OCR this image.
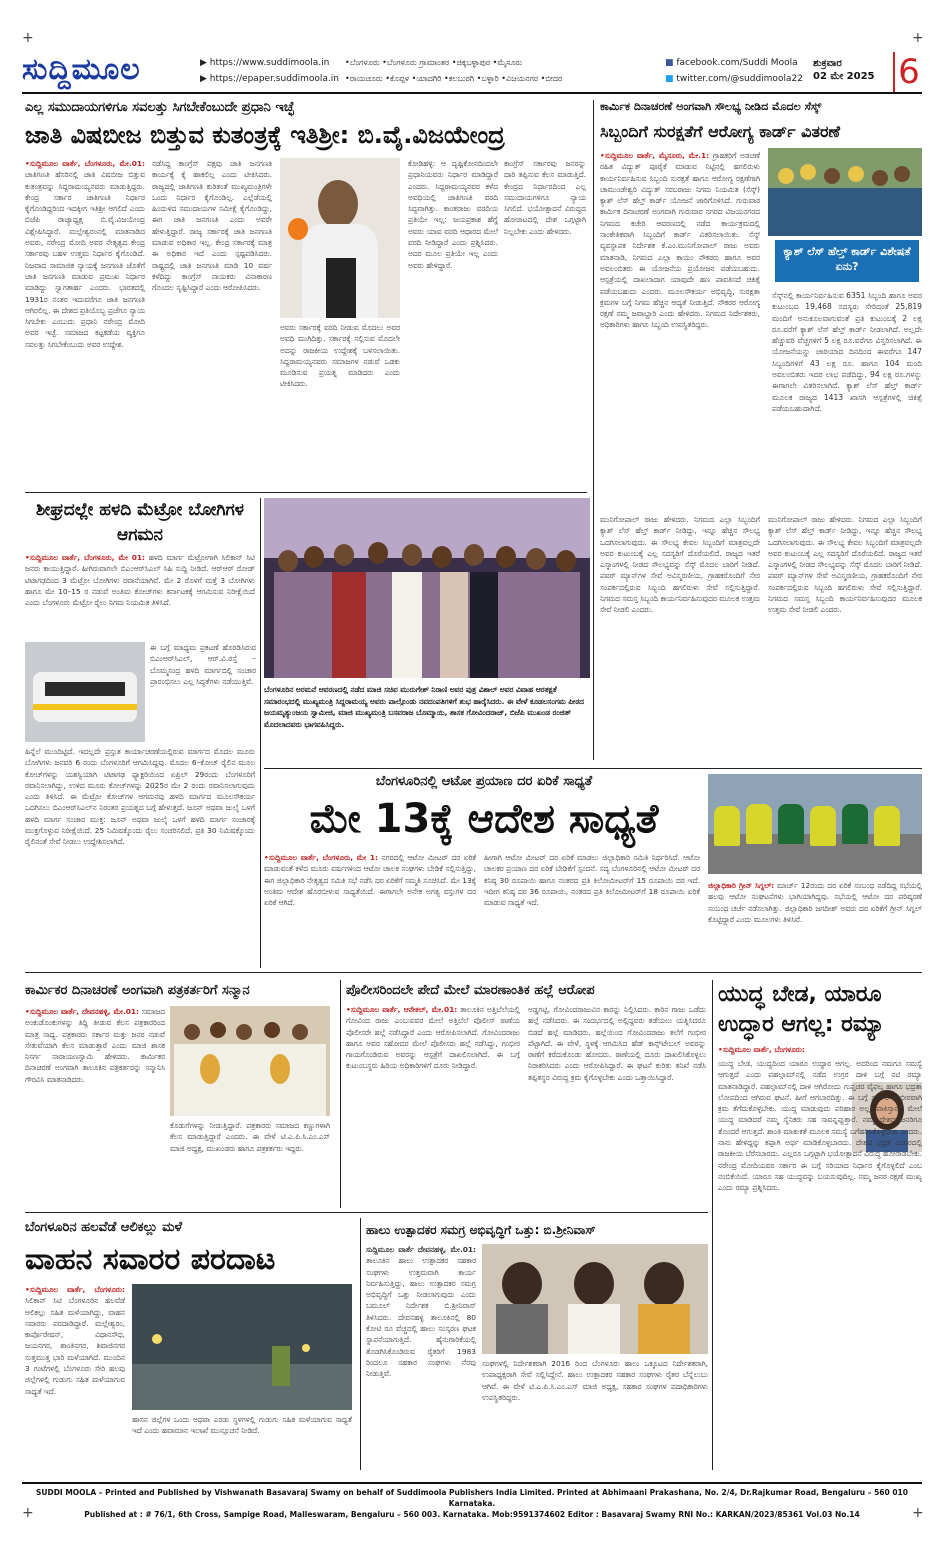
+	+
+	+
ಸುದ್ದಿಮೂಲ	▶ https://www.suddimoola.in
▶ https://epaper.suddimoola.in
•ಬೆಂಗಳೂರು •ಬೆಂಗಳೂರು ಗ್ರಾಮಾಂತರ •ಚಿಕ್ಕಬಳ್ಳಾಪುರ •ಮೈಸೂರು
•ರಾಯಚೂರು •ಕೊಪ್ಪಳ •ಯಾದಗಿರಿ •ಕಲಬುರಗಿ •ಬಳ್ಳಾರಿ •ವಿಜಯನಗರ •ಬೀದರ
■ facebook.com/Suddi Moola
■ twitter.com/@suddimoola22
ಶುಕ್ರವಾರ
02 ಮೇ 2025 6
ಎಲ್ಲ ಸಮುದಾಯಗಳಿಗೂ ಸವಲತ್ತು ಸಿಗಬೇಕೆಂಬುದೇ ಪ್ರಧಾನಿ ಇಚ್ಛೆ
ಜಾತಿ ವಿಷಬೀಜ ಬಿತ್ತುವ ಕುತಂತ್ರಕ್ಕೆ ಇತಿಶ್ರೀ: ಬಿ.ವೈ.ವಿಜಯೇಂದ್ರ
•ಸುದ್ದಿಮೂಲ ವಾರ್ತೆ, ಬೆಂಗಳೂರು, ಮೇ.01: ಜಾತಿಗಣತಿ ಹೆಸರಿನಲ್ಲಿ ಜಾತಿ ವಿಷಬೀಜ ಬಿತ್ತುವ ಕುತಂತ್ರವನ್ನು ಸಿದ್ದರಾಮಯ್ಯನವರು ಮಾಡುತ್ತಿದ್ದರು. ಕೇಂದ್ರ ಸರ್ಕಾರ ಜಾತಿಗಣತಿ ನಿರ್ಧಾರ ಕೈಗೊಂಡಿದ್ದರಿಂದ ಇದಕ್ಕೀಗ ಇತಿಶ್ರೀ ಆಗಲಿದೆ ಎಂದು ಬಿಜೆಪಿ ರಾಜ್ಯಾಧ್ಯಕ್ಷ ಬಿ.ವೈ.ವಿಜಯೇಂದ್ರ ವಿಶ್ಲೇಷಿಸಿದ್ದಾರೆ. ಮಲ್ಲೇಶ್ವರಂನಲ್ಲಿ ಮಾತನಾಡಿದ ಅವರು, ನರೇಂದ್ರ ಮೋದಿ ಅವರ ನೇತೃತ್ವದ ಕೇಂದ್ರ ಸರ್ಕಾರವು ಬಹಳ ಉತ್ತಮ ನಿರ್ಧಾರ ಕೈಗೊಂಡಿದೆ. ನಿಜವಾದ ಸಾಮಾಜಿಕ ನ್ಯಾಯಕ್ಕೆ ಜನಗಣತಿ ಜೊತೆಗೆ ಜಾತಿ ಜನಗಣತಿ ಮಾಡುವ ಪ್ರಮುಖ ನಿರ್ಧಾರ ಮಾಡಿದ್ದು ಸ್ವಾಗತಾರ್ಹ ಎಂದರು. ಭಾರತದಲ್ಲಿ 1931ರ ನಂತರ ಇದುವರೆಗೂ ಜಾತಿ ಜನಗಣತಿ ಆಗಿರಲಿಲ್ಲ. ಈ ದೇಶದ ಪ್ರತಿಯೊಬ್ಬ ಪ್ರಜೆಗೂ ನ್ಯಾಯ ಸಿಗಬೇಕು ಎಂಬುದು ಪ್ರಧಾನಿ ನರೇಂದ್ರ ಮೋದಿ ಅವರ ಇಚ್ಛೆ. ಸಮಾಜದ ಕಟ್ಟಕಡೆಯ ವ್ಯಕ್ತಿಗೂ ಸವಲತ್ತು ಸಿಗಬೇಕೆಂಬುದು ಅವರ ಉದ್ದೇಶ.
ನಡೆಸಿದ್ದ ಕಾಂಗ್ರೆಸ್ ಪಕ್ಷವು ಜಾತಿ ಜನಗಣತಿ ಕಾರ್ಯಕ್ಕೆ ಕೈ ಹಾಕಲಿಲ್ಲ ಎಂದು ಟೀಕಿಸಿದರು. ರಾಜ್ಯದಲ್ಲಿ ಜಾತಿಗಣತಿ ಕುರಿತಂತೆ ಮುಖ್ಯಮಂತ್ರಿಗಳೇ ಒಂದು ನಿರ್ಧಾರ ಕೈಗೊಂಡಿಲ್ಲ. ಎಲ್ಲೆಡೆಯಲ್ಲಿ ಹಿಂದುಳಿದ ಸಮುದಾಯಗಳ ಸಮೀಕ್ಷೆ ಕೈಗೊಂಡಿದ್ದು, ಈಗ ಜಾತಿ ಜನಗಣತಿ ಎಂದು ಅವರೇ ಹೇಳುತ್ತಿದ್ದಾರೆ. ರಾಜ್ಯ ಸರ್ಕಾರಕ್ಕೆ ಜಾತಿ ಜನಗಣತಿ ಮಾಡುವ ಅಧಿಕಾರ ಇಲ್ಲ. ಕೇಂದ್ರ ಸರ್ಕಾರಕ್ಕೆ ಮಾತ್ರ ಈ ಅಧಿಕಾರ ಇದೆ ಎಂದು ಸ್ಪಷ್ಟಪಡಿಸಿದರು. ರಾಷ್ಟ್ರದಲ್ಲಿ ಜಾತಿ ಜನಗಣತಿ ಮಾಡಿ 10 ವರ್ಷ ಕಳೆದಿದ್ದು ಕಾಂಗ್ರೆಸ್ ನಾಯಕರು ವಿನಾಕಾರಣ ಗೊಂದಲ ಸೃಷ್ಟಿಸಿದ್ದಾರೆ ಎಂದು ಆರೋಪಿಸಿದರು.
ಅವರು ಸರ್ಕಾರಕ್ಕೆ ವರದಿ ನೀಡುವ ಮೊದಲು ಅವರ ಅವಧಿ ಮುಗಿದಿತ್ತು. ಸರ್ಕಾರಕ್ಕೆ ಸಲ್ಲಿಸುವ ಮೊದಲೇ ಅದನ್ನು ರಾಜಕೀಯ ಉದ್ದೇಶಕ್ಕೆ ಬಳಸಲಾಯಿತು. ಸಿದ್ದರಾಮಯ್ಯನವರು ಸಮಾಜಗಳ ನಡುವೆ ಒಡಕು ಮೂಡಿಸುವ ಪ್ರಯತ್ನ ಮಾಡಿದರು ಎಂದು ಟೀಕಿಸಿದರು.
ಕೋಡಿಹಳ್ಳಿ: ಆ ದೃಷ್ಟಿಕೋನದಿಂದಲೇ ಪ್ರಧಾನಿಯವರು ನಿರ್ಧಾರ ಮಾಡಿದ್ದಾರೆ ಎಂದರು. ಸಿದ್ದರಾಮಯ್ಯನವರ ಕಳೆದ ಅವಧಿಯಲ್ಲಿ ಜಾತಿಗಣತಿ ವರದಿ ಸಿದ್ಧವಾಗಿತ್ತು. ಕಾಂತರಾಜು ವರದಿಯ ಪ್ರತಿಯೇ ಇಲ್ಲ: ಜಯಪ್ರಕಾಶ ಹೆಗ್ಡೆ ಅವರು ಯಾವ ವರದಿ ಆಧಾರದ ಮೇಲೆ ವರದಿ ನೀಡಿದ್ದಾರೆ ಎಂದು ಪ್ರಶ್ನಿಸಿದರು. ಅದರ ಮೂಲ ಪ್ರತಿಯೇ ಇಲ್ಲ ಎಂದು ಅವರು ಹೇಳಿದ್ದಾರೆ.
ಕಾಂಗ್ರೆಸ್ ಸರ್ಕಾರವು ಜನರನ್ನು ದಾರಿ ತಪ್ಪಿಸುವ ಕೆಲಸ ಮಾಡುತ್ತಿದೆ. ಕೇಂದ್ರದ ನಿರ್ಧಾರದಿಂದ ಎಲ್ಲ ಸಮುದಾಯಗಳಿಗೂ ನ್ಯಾಯ ಸಿಗಲಿದೆ. ಭಯೋತ್ಪಾದನೆ ವಿರುದ್ಧದ ಹೋರಾಟದಲ್ಲಿ ದೇಶ ಒಗ್ಗಟ್ಟಾಗಿ ನಿಲ್ಲಬೇಕು ಎಂದು ಹೇಳಿದರು.
ಕಾರ್ಮಿಕ ದಿನಾಚರಣೆ ಅಂಗವಾಗಿ ಸೌಲಭ್ಯ ನೀಡಿದ ಮೊದಲ ಸೆಸ್ಕ್
ಸಿಬ್ಬಂದಿಗೆ ಸುರಕ್ಷತೆಗೆ ಆರೋಗ್ಯ ಕಾರ್ಡ್ ವಿತರಣೆ
•ಸುದ್ದಿಮೂಲ ವಾರ್ತೆ, ಮೈಸೂರು, ಮೇ.1: ಗ್ರಾಹಕರಿಗೆ ಅಡಚಣೆ ರಹಿತ ವಿದ್ಯುತ್ ಪೂರೈಕೆ ಮಾಡುವ ನಿಟ್ಟಿನಲ್ಲಿ ಹಗಲಿರುಳು ಕಾರ್ಯನಿರ್ವಹಿಸುವ ಸಿಬ್ಬಂದಿ ಸುರಕ್ಷತೆ ಹಾಗೂ ಆರೋಗ್ಯ ರಕ್ಷಣೆಗಾಗಿ ಚಾಮುಂಡೇಶ್ವರಿ ವಿದ್ಯುತ್ ಸರಬರಾಜು ನಿಗಮ ನಿಯಮಿತ (ಸೆಸ್ಕ್) ಕ್ಯಾಶ್ ಲೆಸ್ ಹೆಲ್ತ್ ಕಾರ್ಡ್ ಯೋಜನೆ ಜಾರಿಗೊಳಿಸಿದೆ. ಗುರುವಾರ ಕಾರ್ಮಿಕ ದಿನಾಚರಣೆ ಅಂಗವಾಗಿ ಗುರುವಾರ ನಗರದ ವಿಜಯನಗರದ ನಿಗಮದ ಕಚೇರಿ ಆವರಣದಲ್ಲಿ ನಡೆದ ಕಾರ್ಯಕ್ರಮದಲ್ಲಿ ಸಾಂಕೇತಿಕವಾಗಿ ಸಿಬ್ಬಂದಿಗೆ ಕಾರ್ಡ್ ವಿತರಿಸಲಾಯಿತು. ಸೆಸ್ಕ್ ವ್ಯವಸ್ಥಾಪಕ ನಿರ್ದೇಶಕ ಕೆ.ಎಂ.ಮುನಿಗೋಪಾಲ್ ರಾಜು ಅವರು ಮಾತನಾಡಿ, ನಿಗಮದ ಎಲ್ಲಾ ಕಾಯಂ ನೌಕರರು ಹಾಗೂ ಅವರ ಅವಲಂಬಿತರು ಈ ಯೋಜನೆಯ ಪ್ರಯೋಜನ ಪಡೆಯಬಹುದು. ಆಸ್ಪತ್ರೆಯಲ್ಲಿ ದಾಖಲಾದಾಗ ಯಾವುದೇ ಹಣ ಪಾವತಿಸದೆ ಚಿಕಿತ್ಸೆ ಪಡೆಯಬಹುದು ಎಂದರು. ಮೂಲಸೌಕರ್ಯ ಅಭಿವೃದ್ಧಿ, ಸುರಕ್ಷತಾ ಕ್ರಮಗಳ ಬಗ್ಗೆ ನಿಗಮ ಹೆಚ್ಚಿನ ಆದ್ಯತೆ ನೀಡುತ್ತಿದೆ. ನೌಕರರ ಆರೋಗ್ಯ ರಕ್ಷಣೆ ನಮ್ಮ ಜವಾಬ್ದಾರಿ ಎಂದು ಹೇಳಿದರು. ನಿಗಮದ ನಿರ್ದೇಶಕರು, ಅಧಿಕಾರಿಗಳು ಹಾಗೂ ಸಿಬ್ಬಂದಿ ಉಪಸ್ಥಿತರಿದ್ದರು.
ಕ್ಯಾಶ್ ಲೆಸ್ ಹೆಲ್ತ್ ಕಾರ್ಡ್ ವಿಶೇಷತೆ ಏನು?
ಸೆಸ್ಕ್‌ನಲ್ಲಿ ಕಾರ್ಯನಿರ್ವಹಿಸುವ 6351 ಸಿಬ್ಬಂದಿ ಹಾಗೂ ಅವರ ಕುಟುಂಬದ 19,468 ಸದಸ್ಯರು ಸೇರಿದಂತೆ 25,819 ಮಂದಿಗೆ ಅನುಕೂಲವಾಗುವಂತೆ ಪ್ರತಿ ಕುಟುಂಬಕ್ಕೆ 2 ಲಕ್ಷ ರೂ.ವರೆಗೆ ಕ್ಯಾಶ್ ಲೆಸ್ ಹೆಲ್ತ್ ಕಾರ್ಡ್ ನೀಡಲಾಗಿದೆ. ಅಲ್ಲದೇ ಹೆಚ್ಚುವರಿ ವೆಚ್ಚಗಳಿಗೆ 5 ಲಕ್ಷ ರೂ.ವರೆಗೂ ವಿಸ್ತರಿಸಲಾಗಿದೆ. ಈ ಯೋಜನೆಯನ್ನು ಜಾರಿಯಾದ ದಿನದಿಂದ ಈವರೆಗೂ 147 ಸಿಬ್ಬಂದಿಗಳಿಗೆ 43 ಲಕ್ಷ ರೂ. ಹಾಗೂ 104 ಮಂದಿ ಅವಲಂಬಿತರು ಇದರ ಲಾಭ ಪಡೆದಿದ್ದು, 94 ಲಕ್ಷ ರೂ.ಗಳನ್ನು ಈಗಾಗಲೇ ವಿತರಿಸಲಾಗಿದೆ. ಕ್ಯಾಶ್ ಲೆಸ್ ಹೆಲ್ತ್ ಕಾರ್ಡ್ ಮೂಲಕ ರಾಜ್ಯದ 1413 ಖಾಸಗಿ ಆಸ್ಪತ್ರೆಗಳಲ್ಲಿ ಚಿಕಿತ್ಸೆ ಪಡೆಯಬಹುದಾಗಿದೆ.
ಮುನಿಗೋಪಾಲ್ ರಾಜು ಹೇಳಿದರು. ನಿಗಮದ ಎಲ್ಲಾ ಸಿಬ್ಬಂದಿಗೆ ಕ್ಯಾಶ್ ಲೆಸ್ ಹೆಲ್ತ್ ಕಾರ್ಡ್ ನೀಡಿದ್ದು, ಇನ್ನೂ ಹೆಚ್ಚಿನ ಸೌಲಭ್ಯ ಒದಗಿಸಲಾಗುವುದು. ಈ ಸೌಲಭ್ಯ ಕೇವಲ ಸಿಬ್ಬಂದಿಗೆ ಮಾತ್ರವಲ್ಲದೇ ಅವರ ಕುಟುಂಬಕ್ಕೆ ಎಲ್ಲ ಸದಸ್ಯರಿಗೆ ದೊರೆಯಲಿದೆ. ರಾಜ್ಯದ ಇತರೆ ಎಸ್ಕಾಂಗಳಲ್ಲಿ ನೀಡದ ಸೌಲಭ್ಯವನ್ನು ಸೆಸ್ಕ್ ಮೊದಲ ಬಾರಿಗೆ ನೀಡಿದೆ. ಪವರ್ ಮ್ಯಾನ್‌ಗಳ ಸೇವೆ ಅವಿಸ್ಮರಣೀಯ, ಗ್ರಾಹಕರೊಂದಿಗೆ ನೇರ ಸಂಪರ್ಕದಲ್ಲಿರುವ ಸಿಬ್ಬಂದಿ ಹಗಲಿರುಳು ಸೇವೆ ಸಲ್ಲಿಸುತ್ತಿದ್ದಾರೆ. ನಿಗಮದ ಸಮಸ್ತ ಸಿಬ್ಬಂದಿ ಕಾರ್ಯನಿರ್ವಹಿಸುವುದರ ಮೂಲಕ ಉತ್ತಮ ಸೇವೆ ನೀಡಲಿ ಎಂದರು.
ಮುನಿಗೋಪಾಲ್ ರಾಜು ಹೇಳಿದರು. ನಿಗಮದ ಎಲ್ಲಾ ಸಿಬ್ಬಂದಿಗೆ ಕ್ಯಾಶ್ ಲೆಸ್ ಹೆಲ್ತ್ ಕಾರ್ಡ್ ನೀಡಿದ್ದು, ಇನ್ನೂ ಹೆಚ್ಚಿನ ಸೌಲಭ್ಯ ಒದಗಿಸಲಾಗುವುದು. ಈ ಸೌಲಭ್ಯ ಕೇವಲ ಸಿಬ್ಬಂದಿಗೆ ಮಾತ್ರವಲ್ಲದೇ ಅವರ ಕುಟುಂಬಕ್ಕೆ ಎಲ್ಲ ಸದಸ್ಯರಿಗೆ ದೊರೆಯಲಿದೆ. ರಾಜ್ಯದ ಇತರೆ ಎಸ್ಕಾಂಗಳಲ್ಲಿ ನೀಡದ ಸೌಲಭ್ಯವನ್ನು ಸೆಸ್ಕ್ ಮೊದಲ ಬಾರಿಗೆ ನೀಡಿದೆ. ಪವರ್ ಮ್ಯಾನ್‌ಗಳ ಸೇವೆ ಅವಿಸ್ಮರಣೀಯ, ಗ್ರಾಹಕರೊಂದಿಗೆ ನೇರ ಸಂಪರ್ಕದಲ್ಲಿರುವ ಸಿಬ್ಬಂದಿ ಹಗಲಿರುಳು ಸೇವೆ ಸಲ್ಲಿಸುತ್ತಿದ್ದಾರೆ. ನಿಗಮದ ಸಮಸ್ತ ಸಿಬ್ಬಂದಿ ಕಾರ್ಯನಿರ್ವಹಿಸುವುದರ ಮೂಲಕ ಉತ್ತಮ ಸೇವೆ ನೀಡಲಿ ಎಂದರು.
ಶೀಘ್ರದಲ್ಲೇ ಹಳದಿ ಮೆಟ್ರೋ ಬೋಗಿಗಳ ಆಗಮನ
•ಸುದ್ದಿಮೂಲ ವಾರ್ತೆ, ಬೆಂಗಳೂರು, ಮೇ 01: ಹಳದಿ ಮಾರ್ಗ ಮೆಟ್ರೋಗಾಗಿ ಸಿಲಿಕಾನ್ ಸಿಟಿ ಜನರು ಕಾಯುತ್ತಿದ್ದಾರೆ. ಹೀಗಿರುವಾಗಲೇ ಬಿಎಂಆರ್‌ಸಿಎಲ್ ಸಿಹಿ ಸುದ್ದಿ ನೀಡಿದೆ. ಆರ್‌ಆರ್ ರೋಡ್ ಟಿಟಾಗಢದಿಂದ 3 ಮೆಟ್ರೋ ಬೋಗಿಗಳು ರವಾನೆಯಾಗಿವೆ. ಮೇ 2 ರೊಳಗೆ ಮತ್ತೆ 3 ಬೋಗಿಗಳು ಹಾಗೂ ಮೇ 10–15 ರ ನಡುವೆ ಅಂತಿಮ ಕೋಚ್‌ಗಳು ಕರ್ನಾಟಕಕ್ಕೆ ಆಗಮಿಸುವ ನಿರೀಕ್ಷೆಯಿದೆ ಎಂದು ಬೆಂಗಳೂರು ಮೆಟ್ರೋ ರೈಲು ನಿಗಮ ನಿಯಮಿತ ತಿಳಿಸಿದೆ.
ಈ ಬಗ್ಗೆ ಮಾಧ್ಯಮ ಪ್ರಕಟಣೆ ಹೊರಡಿಸಿರುವ ಬಿಎಂಆರ್‌ಸಿಎಲ್, ಆರ್.ವಿ.ರಸ್ತೆ – ಬೊಮ್ಮಸಂದ್ರ ಹಳದಿ ಮಾರ್ಗದಲ್ಲಿ ಸಂಚಾರ ಪ್ರಾರಂಭಿಸಲು ಎಲ್ಲ ಸಿದ್ಧತೆಗಳು ನಡೆಯುತ್ತಿವೆ.
ಹಿನ್ನೆಲೆ ಮುಂದಿಟ್ಟಿದೆ. ಇದಲ್ಲದೇ ಪ್ರಸ್ತುತ ಕಾರ್ಯಾಚರಣೆಯಲ್ಲಿರುವ ಮಾರ್ಗದ ಮೊದಲ ಮೂರು ಬೋಗಿಗಳು ಜನವರಿ 6 ರಂದು ಬೆಂಗಳೂರಿಗೆ ಆಗಮಿಸಿದ್ದವು. ಮೊದಲ 6–ಕೋಚ್ ರೈಲಿನ ಮೂಲ ಕೋಚ್‌ಗಳನ್ನು ಯಶಸ್ವಿಯಾಗಿ ಟಿಟಾಗಢ ಫ್ಯಾಕ್ಟರಿಯಿಂದ ಏಪ್ರಿಲ್ 29ರಂದು ಬೆಂಗಳೂರಿಗೆ ರವಾನಿಸಲಾಗಿದ್ದು, ಉಳಿದ ಮೂರು ಕೋಚ್‌ಗಳನ್ನು 2025ರ ಮೇ 2 ರಂದು ರವಾನಿಸಲಾಗುವುದು ಎಂದು ತಿಳಿಸಿದೆ. ಈ ಮೆಟ್ರೋ ಕೋಚ್‌ಗಳ ಆಗಮನವು ಹಳದಿ ಮಾರ್ಗದ ಮೂಲಸೌಕರ್ಯ ಒದಗಿಸಲು ಬಿಎಂಆರ್‌ಸಿಎಲ್‌ನ ನಿರಂತರ ಪ್ರಯತ್ನದ ಬಗ್ಗೆ ಹೇಳುತ್ತದೆ. ಜೂನ್ ಅಥವಾ ಜುಲೈ ಒಳಗೆ ಹಳದಿ ಮಾರ್ಗ ಸಂಚಾರ ಮುಕ್ತ: ಜೂನ್ ಅಥವಾ ಜುಲೈ ಒಳಗೆ ಹಳದಿ ಮಾರ್ಗ ಸಂಚಾರಕ್ಕೆ ಮುಕ್ತಗೊಳ್ಳುವ ನಿರೀಕ್ಷೆಯಿದೆ. 25 ನಿಮಿಷಕ್ಕೊಂದು ರೈಲು ಸಂಚರಿಸಲಿದೆ. ಪ್ರತಿ 30 ನಿಮಿಷಕ್ಕೊಂದು ರೈಲಿನಂತೆ ಸೇವೆ ನೀಡಲು ಉದ್ದೇಶಿಸಲಾಗಿದೆ.
ಬೆಂಗಳೂರಿನ ಅರಮನೆ ಆವರಣದಲ್ಲಿ ನಡೆದ ಮಾಜಿ ಸಚಿವ ಮುರುಗೇಶ್ ನಿರಾಣಿ ಅವರ ಪುತ್ರ ವಿಶಾಲ್ ಅವರ ವಿವಾಹ ಆರತಕ್ಷತೆ ಸಮಾರಂಭದಲ್ಲಿ ಮುಖ್ಯಮಂತ್ರಿ ಸಿದ್ದರಾಮಯ್ಯ ಅವರು ಪಾಲ್ಗೊಂಡು ನವದಂಪತಿಗಳಿಗೆ ಶುಭ ಹಾರೈಸಿದರು. ಈ ವೇಳೆ ಕೂಡಲಸಂಗಮ ಪೀಠದ ಜಯಮೃತ್ಯುಂಜಯ ಸ್ವಾಮೀಜಿ, ಮಾಜಿ ಮುಖ್ಯಮಂತ್ರಿ ಬಸವರಾಜ ಬೊಮ್ಮಾಯಿ, ಶಾಸಕ ಗೋವಿಂದರಾಜ್, ಬಿಜೆಪಿ ಮುಖಂಡ ರಂಜಿತ್ ಮೊದಲಾದವರು ಭಾಗವಹಿಸಿದ್ದರು.
ಬೆಂಗಳೂರಿನಲ್ಲಿ ಆಟೋ ಪ್ರಯಾಣ ದರ ಏರಿಕೆ ಸಾಧ್ಯತೆ
ಮೇ 13ಕ್ಕೆ ಆದೇಶ ಸಾಧ್ಯತೆ
•ಸುದ್ದಿಮೂಲ ವಾರ್ತೆ, ಬೆಂಗಳೂರು, ಮೇ 1: ನಗರದಲ್ಲಿ ಆಟೋ ಮೀಟರ್ ದರ ಏರಿಕೆ ಮಾಡುವಂತೆ ಕಳೆದ ಮೂರು ವರ್ಷಗಳಿಂದ ಆಟೋ ಚಾಲಕ ಸಂಘಗಳು ಬೇಡಿಕೆ ಸಲ್ಲಿಸುತ್ತಿದ್ದು, ಈಗ ಜಿಲ್ಲಾಧಿಕಾರಿ ನೇತೃತ್ವದ ಸಮಿತಿ ಸಭೆ ನಡೆಸಿ ದರ ಏರಿಕೆಗೆ ಸಮ್ಮತಿ ಸೂಚಿಸಿದೆ. ಮೇ 13ಕ್ಕೆ ಅಂತಿಮ ಆದೇಶ ಹೊರಬೀಳುವ ಸಾಧ್ಯತೆಯಿದೆ. ಈಗಾಗಲೇ ಅನೇಕ ಅಗತ್ಯ ವಸ್ತುಗಳ ದರ ಏರಿಕೆ ಆಗಿದೆ.
ಹೀಗಾಗಿ ಆಟೋ ಮೀಟರ್ ದರ ಏರಿಕೆ ಮಾಡಲು ಜಿಲ್ಲಾಧಿಕಾರಿ ಸಮಿತಿ ನಿರ್ಧರಿಸಿದೆ. ಆಟೋ ಚಾಲಕರ ಪ್ರಯಾಣ ದರ ಏರಿಕೆ ಬೇಡಿಕೆಗೆ ಸ್ಪಂದನೆ. ಸದ್ಯ ಬೆಂಗಳೂರಿನಲ್ಲಿ ಆಟೋ ಮೀಟರ್ ದರ ಕನಿಷ್ಠ 30 ರೂಪಾಯಿ ಹಾಗೂ ನಂತರದ ಪ್ರತಿ ಕಿಲೋಮೀಟರ್‌ಗೆ 15 ರೂಪಾಯಿ ದರ ಇದೆ. ಇದೀಗ ಕನಿಷ್ಠ ದರ 36 ರೂಪಾಯಿ, ನಂತರದ ಪ್ರತಿ ಕಿಲೋಮೀಟರ್‌ಗೆ 18 ರೂಪಾಯಿ ಏರಿಕೆ ಮಾಡುವ ಸಾಧ್ಯತೆ ಇದೆ.
ಜಿಲ್ಲಾಧಿಕಾರಿ ಗ್ರೀನ್ ಸಿಗ್ನಲ್: ಮಾರ್ಚ್ 12ರಂದು ದರ ಏರಿಕೆ ಸಂಬಂಧ ನಡೆದಿದ್ದ ಸಭೆಯಲ್ಲಿ ಹಲವು ಆಟೋ ಸಂಘಟನೆಗಳು ಭಾಗಿಯಾಗಿದ್ದವು. ಸಭೆಯಲ್ಲಿ ಆಟೋ ದರ ಪರಿಷ್ಕರಣೆ ಸಂಬಂಧ ಚರ್ಚೆ ನಡೆಸಲಾಗಿತ್ತು. ಜಿಲ್ಲಾಧಿಕಾರಿ ಜಗದೀಶ್ ಅವರು ದರ ಏರಿಕೆಗೆ ಗ್ರೀನ್ ಸಿಗ್ನಲ್ ಕೊಟ್ಟಿದ್ದಾರೆ ಎಂದು ಮೂಲಗಳು ತಿಳಿಸಿವೆ.
ಕಾರ್ಮಿಕರ ದಿನಾಚರಣೆ ಅಂಗವಾಗಿ ಪತ್ರಕರ್ತರಿಗೆ ಸನ್ಮಾನ
•ಸುದ್ದಿಮೂಲ ವಾರ್ತೆ, ದೇವನಹಳ್ಳಿ, ಮೇ.01: ಸಮಾಜದ ಅಂಕುಡೊಂಕುಗಳನ್ನು ತಿದ್ದಿ ತೀಡುವ ಕೆಲಸ ಪತ್ರಕಾರರಿಂದ ಮಾತ್ರ ಸಾಧ್ಯ. ಪತ್ರಕಾರರು ಸರ್ಕಾರ ಮತ್ತು ಜನರ ನಡುವೆ ಸೇತುವೆಯಾಗಿ ಕೆಲಸ ಮಾಡುತ್ತಾರೆ ಎಂದು ಮಾಜಿ ಶಾಸಕ ನಿಸರ್ಗ ನಾರಾಯಣಸ್ವಾಮಿ ಹೇಳಿದರು. ಕಾರ್ಮಿಕರ ದಿನಾಚರಣೆ ಅಂಗವಾಗಿ ತಾಲೂಕಿನ ಪತ್ರಕರ್ತರನ್ನು ಸನ್ಮಾನಿಸಿ ಗೌರವಿಸಿ ಮಾತನಾಡಿದರು.
ಕೊಡುಗೆಗಳನ್ನು ನೀಡುತ್ತಿದ್ದಾರೆ. ಪತ್ರಕಾರರು ಸಮಾಜದ ಕಣ್ಣುಗಳಾಗಿ ಕೆಲಸ ಮಾಡುತ್ತಿದ್ದಾರೆ ಎಂದರು. ಈ ವೇಳೆ ಟಿ.ಎ.ಪಿ.ಸಿ.ಎಂ.ಎಸ್ ಮಾಜಿ ಅಧ್ಯಕ್ಷ, ಮುಖಂಡರು ಹಾಗೂ ಪತ್ರಕರ್ತರು ಇದ್ದರು.
ಪೊಲೀಸರಿಂದಲೇ ಪೇದೆ ಮೇಲೆ ಮಾರಣಾಂತಿಕ ಹಲ್ಲೆ ಆರೋಪ
•ಸುದ್ದಿಮೂಲ ವಾರ್ತೆ, ಆನೇಕಲ್, ಮೇ.01: ತಾಲೂಕಿನ ಅತ್ತಿಬೆಲೆಯಲ್ಲಿ ಗೋವಿಂದ ರಾಜು ಎಂಬುವವರ ಮೇಲೆ ಅತ್ತಿಬೆಲೆ ಪೊಲೀಸ್ ಠಾಣೆಯ ಪೊಲೀಸರೇ ಹಲ್ಲೆ ನಡೆಸಿದ್ದಾರೆ ಎಂದು ಆರೋಪಿಸಲಾಗಿದೆ. ಗೋವಿಂದರಾಜು ಹಾಗೂ ಅವರ ಸಹೋದರ ಮೇಲೆ ಪೊಲೀಸರು ಹಲ್ಲೆ ನಡೆಸಿದ್ದು, ಗಂಭೀರ ಗಾಯಗೊಂಡಿರುವ ಅವರನ್ನು ಆಸ್ಪತ್ರೆಗೆ ದಾಖಲಿಸಲಾಗಿದೆ. ಈ ಬಗ್ಗೆ ಕುಟುಂಬಸ್ಥರು ಹಿರಿಯ ಅಧಿಕಾರಿಗಳಿಗೆ ದೂರು ನೀಡಿದ್ದಾರೆ.
ಅಡ್ಡಗಟ್ಟಿ, ಗೋವಿಂದರಾಜುವಿನ ಕಾರನ್ನು ನಿಲ್ಲಿಸಿದರು. ಕಾರಿನ ಗಾಜು ಒಡೆದು ಹಲ್ಲೆ ನಡೆಸಿದರು. ಈ ಸಂದರ್ಭದಲ್ಲಿ ಅಲ್ಲಿದ್ದವರು ತಡೆಯಲು ಯತ್ನಿಸಿದರೂ ಬಿಡದೆ ಹಲ್ಲೆ ಮಾಡಿದರು. ಹಲ್ಲೆಯಿಂದ ಗೋವಿಂದರಾಜು ತಲೆಗೆ ಗಂಭೀರ ಪೆಟ್ಟಾಗಿದೆ. ಈ ವೇಳೆ, ಸ್ಥಳಕ್ಕೆ ಆಗಮಿಸಿದ ಹೆಡ್ ಕಾನ್ಸ್‌ಟೇಬಲ್ ಅವರನ್ನು ಠಾಣೆಗೆ ಕರೆದುಕೊಂಡು ಹೋದರು. ಠಾಣೆಯಲ್ಲಿ ದೂರು ದಾಖಲಿಸಿಕೊಳ್ಳಲು ನಿರಾಕರಿಸಿದರು ಎಂದು ಆರೋಪಿಸಿದ್ದಾರೆ. ಈ ಘಟನೆ ಕುರಿತು ತನಿಖೆ ನಡೆಸಿ ತಪ್ಪಿತಸ್ಥರ ವಿರುದ್ಧ ಕ್ರಮ ಕೈಗೊಳ್ಳಬೇಕು ಎಂದು ಒತ್ತಾಯಿಸಿದ್ದಾರೆ.
ಯುದ್ಧ ಬೇಡ, ಯಾರೂ ಉದ್ಧಾರ ಆಗಲ್ಲ: ರಮ್ಯಾ
•ಸುದ್ದಿಮೂಲ ವಾರ್ತೆ, ಬೆಂಗಳೂರು:
ಯುದ್ಧ ಬೇಡ, ಯುದ್ಧದಿಂದ ಯಾರೂ ಉದ್ಧಾರ ಆಗಲ್ಲ. ಅದರಿಂದ ನಮಗೂ ಸಮಸ್ಯೆ ಆಗುತ್ತದೆ ಎಂದು ಪಹಲ್ಗಾಮ್‌ನಲ್ಲಿ ನಡೆದ ಉಗ್ರರ ದಾಳಿ ಬಗ್ಗೆ ನಟಿ ರಮ್ಯಾ ಮಾತನಾಡಿದ್ದಾರೆ. ಪಹಲ್ಗಾಮ್‌ನಲ್ಲಿ ದಾಳಿ ಆಗಿರೋದು ಗುಪ್ತಚರ ವೈಫಲ್ಯ ಹಾಗೂ ಭದ್ರತಾ ಲೋಪದಿಂದ ಆಗಿರುವ ಘಟನೆ. ಹೀಗೆ ಆಗಬಾರದಿತ್ತು. ಈ ಬಗ್ಗೆ ಸರ್ಕಾರ ಗಂಭೀರವಾಗಿ ಕ್ರಮ ತೆಗೆದುಕೊಳ್ಳಬೇಕು. ಯುದ್ಧ ಮಾಡುವುದು ಪರಿಹಾರ ಅಲ್ಲ. ಪಾಕಿಸ್ತಾನದ ಮೇಲೆ ಯುದ್ಧ ಮಾಡಿದರೆ ನಮ್ಮ ಸೈನಿಕರು ಸಹ ಸಾವನ್ನಪ್ಪುತ್ತಾರೆ. ನಮ್ಮ ದೇಶದ ಜನರಿಗೂ ತೊಂದರೆ ಆಗುತ್ತದೆ. ಶಾಂತಿ ಮಾತುಕತೆ ಮೂಲಕ ಸಮಸ್ಯೆ ಬಗೆಹರಿಸಿಕೊಳ್ಳಬೇಕು ಎಂದರು. ನಾನು ಹೇಳಿದ್ದನ್ನು ತಪ್ಪಾಗಿ ಅರ್ಥ ಮಾಡಿಕೊಳ್ಳಬಾರದು. ದೇಶದ ಭದ್ರತೆ ವಿಚಾರದಲ್ಲಿ ರಾಜಕೀಯ ಬೆರೆಸಬಾರದು. ಎಲ್ಲರೂ ಒಗ್ಗಟ್ಟಾಗಿ ಭಯೋತ್ಪಾದನೆ ವಿರುದ್ಧ ಹೋರಾಡಬೇಕು. ನರೇಂದ್ರ ಮೋದಿಯವರ ಸರ್ಕಾರ ಈ ಬಗ್ಗೆ ಸರಿಯಾದ ನಿರ್ಧಾರ ಕೈಗೊಳ್ಳಲಿದೆ ಎಂಬ ನಂಬಿಕೆಯಿದೆ. ಯಾರೂ ಸಹ ಯುದ್ಧವನ್ನು ಬಯಸುವುದಿಲ್ಲ. ನಮ್ಮ ಜನರ ರಕ್ಷಣೆ ಮುಖ್ಯ ಎಂದು ರಮ್ಯಾ ಪ್ರಶ್ನಿಸಿದರು.
ಬೆಂಗಳೂರಿನ ಹಲವೆಡೆ ಆಲಿಕಲ್ಲು ಮಳೆ
ವಾಹನ ಸವಾರರ ಪರದಾಟ
•ಸುದ್ದಿಮೂಲ ವಾರ್ತೆ, ಬೆಂಗಳೂರು: ಸಿಲಿಕಾನ್ ಸಿಟಿ ಬೆಂಗಳೂರಿನ ಹಲವೆಡೆ ಆಲಿಕಲ್ಲು ಸಹಿತ ಮಳೆಯಾಗಿದ್ದು, ವಾಹನ ಸವಾರರು ಪರದಾಡಿದ್ದಾರೆ. ಮಲ್ಲೇಶ್ವರಂ, ಕಾರ್ಪೊರೇಷನ್, ವಿಧಾನಸೌಧ, ಜಯನಗರ, ಶಾಂತಿನಗರ, ಶಿವಾಜಿನಗರ ಸುತ್ತಮುತ್ತ ಭಾರಿ ಮಳೆಯಾಗಿದೆ. ಮುಂದಿನ 3 ಗಂಟೆಗಳಲ್ಲಿ ಬೆಂಗಳೂರು ಸೇರಿ ಹಲವು ಜಿಲ್ಲೆಗಳಲ್ಲಿ ಗುಡುಗು ಸಹಿತ ಮಳೆಯಾಗುವ ಸಾಧ್ಯತೆ ಇದೆ.
ಹಾಸನ ಜಿಲ್ಲೆಗಳ ಒಂದು ಅಥವಾ ಎರಡು ಸ್ಥಳಗಳಲ್ಲಿ ಗುಡುಗು ಸಹಿತ ಮಳೆಯಾಗುವ ಸಾಧ್ಯತೆ ಇದೆ ಎಂದು ಹವಾಮಾನ ಇಲಾಖೆ ಮುನ್ಸೂಚನೆ ನೀಡಿದೆ.
ಹಾಲು ಉತ್ಪಾದಕರ ಸಮಗ್ರ ಅಭಿವೃದ್ಧಿಗೆ ಒತ್ತು: ಬಿ.ಶ್ರೀನಿವಾಸ್
ಸುದ್ದಿಮೂಲ ವಾರ್ತೆ ದೇವನಹಳ್ಳಿ, ಮೇ.01: ತಾಲೂಕಿನ ಹಾಲು ಉತ್ಪಾದಕರ ಸಹಕಾರ ಸಂಘಗಳು ಉತ್ತಮವಾಗಿ ಕಾರ್ಯ ನಿರ್ವಹಿಸುತ್ತಿದ್ದು, ಹಾಲು ಉತ್ಪಾದಕರ ಸಮಗ್ರ ಅಭಿವೃದ್ಧಿಗೆ ಒತ್ತು ನೀಡಲಾಗುವುದು ಎಂದು ಬಮೂಲ್ ನಿರ್ದೇಶಕ ಬಿ.ಶ್ರೀನಿವಾಸ್ ತಿಳಿಸಿದರು. ದೇವನಹಳ್ಳಿ ತಾಲೂಕಿನಲ್ಲಿ 80 ಕೋಟಿ ರೂ ವೆಚ್ಚದಲ್ಲಿ ಹಾಲು ಸಂಸ್ಕರಣ ಘಟಕ ಸ್ಥಾಪನೆಯಾಗುತ್ತಿದೆ. ಹೈನುಗಾರಿಕೆಯಲ್ಲಿ ತೊಡಗಿಸಿಕೊಂಡಿರುವ ರೈತರಿಗೆ 1983 ರಿಂದಲೂ ಸಹಕಾರ ಸಂಘಗಳು ನೆರವು ನೀಡುತ್ತಿವೆ.
ಸಂಘಗಳಲ್ಲಿ ನಿರ್ದೇಶಕರಾಗಿ 2016 ರಿಂದ ಬೆಂಗಳೂರು ಹಾಲು ಒಕ್ಕೂಟದ ನಿರ್ದೇಶಕರಾಗಿ, ಉಪಾಧ್ಯಕ್ಷರಾಗಿ ಸೇವೆ ಸಲ್ಲಿಸಿದ್ದೇನೆ. ಹಾಲು ಉತ್ಪಾದಕರ ಸಹಕಾರ ಸಂಘಗಳು ರೈತರ ಬೆನ್ನೆಲುಬು ಆಗಿವೆ. ಈ ವೇಳೆ ಟಿ.ಎ.ಪಿ.ಸಿ.ಎಂ.ಎಸ್ ಮಾಜಿ ಅಧ್ಯಕ್ಷ, ಸಹಕಾರ ಸಂಘಗಳ ಪದಾಧಿಕಾರಿಗಳು ಉಪಸ್ಥಿತರಿದ್ದರು.
SUDDI MOOLA – Printed and Published by Vishwanath Basavaraj Swamy on behalf of Suddimoola Publishers India Limited. Printed at Abhimaani Prakashana, No. 2/4, Dr.Rajkumar Road, Bengaluru – 560 010 Karnataka.
Published at : # 76/1, 6th Cross, Sampige Road, Malleswaram, Bengaluru – 560 003. Karnataka. Mob:9591374602 Editor : Basavaraj Swamy RNI No.: KARKAN/2023/85361 Vol.03 No.14
